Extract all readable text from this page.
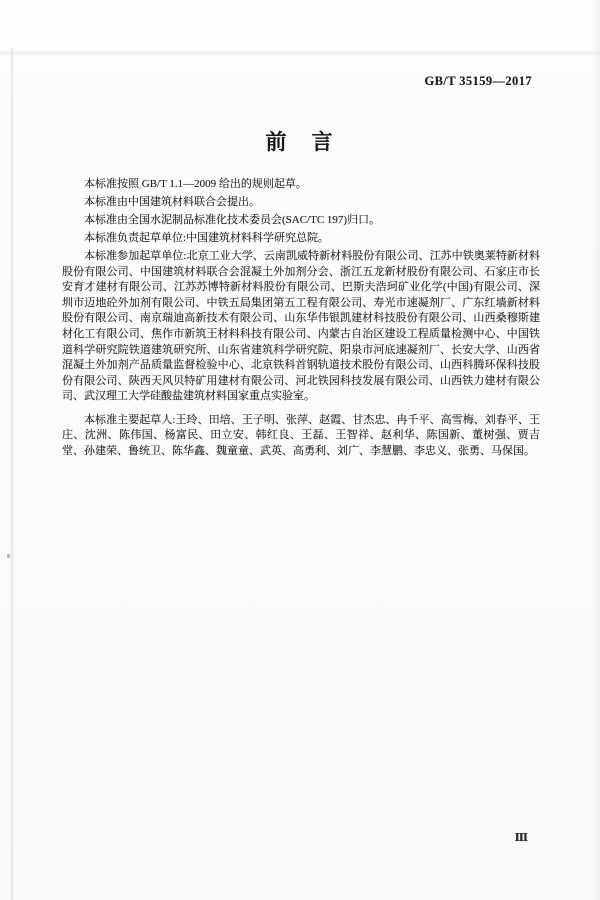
GB/T 35159—2017
前　言

本标准按照 GB/T 1.1—2009 给出的规则起草。

本标准由中国建筑材料联合会提出。

本标准由全国水泥制品标准化技术委员会(SAC/TC 197)归口。

本标准负责起草单位:中国建筑材料科学研究总院。

本标准参加起草单位:北京工业大学、云南凯威特新材料股份有限公司、江苏中铁奥莱特新材料股份有限公司、中国建筑材料联合会混凝土外加剂分会、浙江五龙新材股份有限公司、石家庄市长安育才建材有限公司、江苏苏博特新材料股份有限公司、巴斯夫浩珂矿业化学(中国)有限公司、深圳市迈地砼外加剂有限公司、中铁五局集团第五工程有限公司、寿光市速凝剂厂、广东红墙新材料股份有限公司、南京瑞迪高新技术有限公司、山东华伟银凯建材科技股份有限公司、山西桑穆斯建材化工有限公司、焦作市新筑王材料科技有限公司、内蒙古自治区建设工程质量检测中心、中国铁道科学研究院铁道建筑研究所、山东省建筑科学研究院、阳泉市河底速凝剂厂、长安大学、山西省混凝土外加剂产品质量监督检验中心、北京铁科首钢轨道技术股份有限公司、山西科腾环保科技股份有限公司、陕西天风贝特矿用建材有限公司、河北铁园科技发展有限公司、山西铁力建材有限公司、武汉理工大学硅酸盐建筑材料国家重点实验室。

本标准主要起草人:王玲、田培、王子明、张萍、赵霞、甘杰忠、冉千平、高雪梅、刘春平、王庄、沈洲、陈伟国、杨富民、田立安、韩红良、王磊、王智祥、赵利华、陈国新、董树强、贾吉堂、孙建荣、鲁统卫、陈华鑫、魏童童、武英、高勇利、刘广、李慧鹏、李忠义、张勇、马保国。

Ⅲ
